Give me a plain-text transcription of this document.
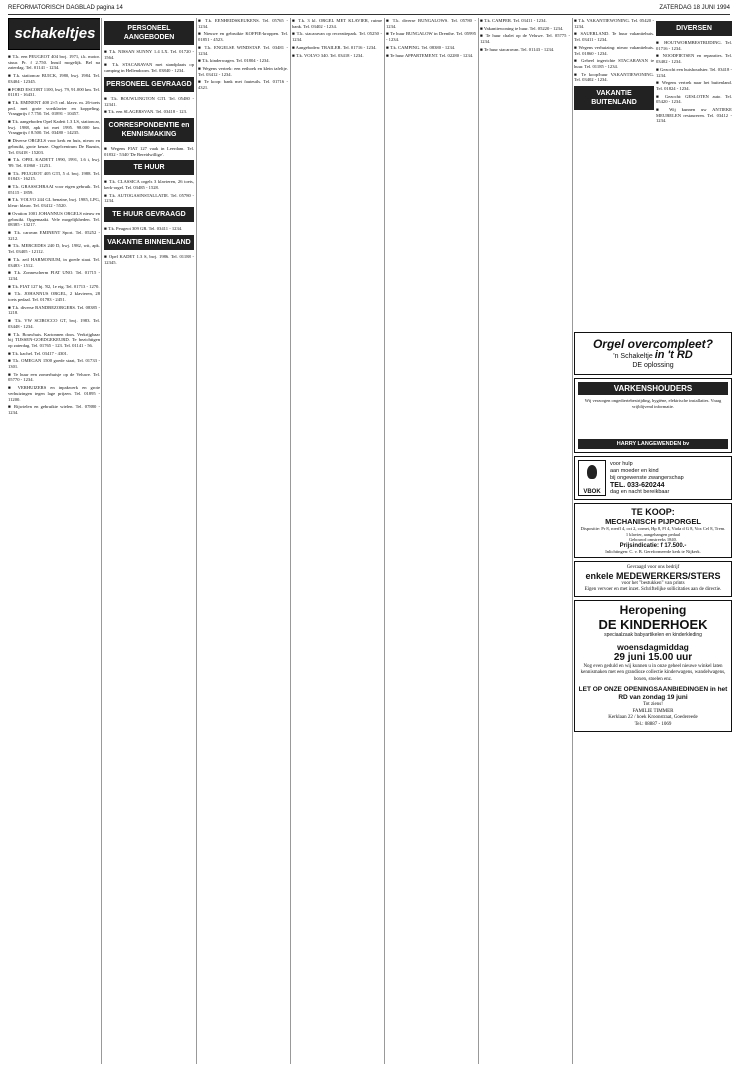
REFORMATORISCH DAGBLAD pagina 14	ZATERDAG 18 JUNI 1994
schakeltjes

■ T.k. een PEUGEOT 404 bwj. 1971, t.k. motor. stuur. Pr. f 2.750. Inruil mogelijk. Bel na zaterdag. Tel. 01141 - 1234.

■ T.k. stationcar BUICK, 1980, bwj. 1984. Tel. 03404 - 12345.

■ FORD ESCORT 1100, bwj. 79, 91.000 km. Tel. 01181 - 16431.

■ T.k. EMINENT 400 2×5 cnl. klavz. m. 26-toets ped. met grote voetklavier en koppeling. Vraagprijs f 7.750. Tel. 01891 - 10457.

■ T.k. aangeboden Opel Kadett 1.3 LS, stationcar, bwj. 1988, apk tot mei 1995. 98.000 km. Vraagprijs f 8.500. Tel. 03480 - 14235.

■ Diverse ORGELS voor kerk en huis, nieuw en gebruikt, grote keuze. Orgelcentrum De Bazuin, Tel. 03418 - 15203.

■ T.k. OPEL KADETT 1990, 1991, 1.6 i, bwj. '89. Tel. 01860 - 11251.

■ T.k. PEUGEOT 405 GTI, 5 d. bwj. 1988. Tel. 01843 - 16215.

■ T.k. GRASSCHRAAI voor eigen gebruik. Tel. 05115 - 1859.

■ T.k. VOLVO 244 GL benzine, bwj. 1985, LPG, kleur: blauw. Tel. 03412 - 5520.

■ Ovation 1001 JOHANNUS ORGELS nieuw en gebruikt. Opgemaakt. Vele mogelijkheden. Tel. 08385 - 13217.

■ T.k. caravan EMINENT Sport. Tel. 05252 - 3212.

■ T.k. MERCEDES 240 D, bwj. 1982, wit, apk. Tel. 03405 - 12112.

■ T.k. zeil HARMONIUM, in goede staat. Tel. 03483 - 1512.

■ T.k. Zonnescherm FIAT UNO. Tel. 01715 - 1234.

■ T.k. FIAT 127 bj. '82, 1e eig. Tel. 01713 - 1270.

■ T.k. JOHANNUS ORGEL, 2 klavieren, 28 toets pedaal. Tel. 01783 - 2451.

■ T.k. diverse BANDBEZORGERS. Tel. 08385 - 1218.

■ T.k. VW SCIROCCO GT, bwj. 1983. Tel. 03448 - 1234.

■ T.k. Bouwhuis. Kartonnen doos. Verkrijgbaar bij TIJSSEN-GOEDGEKEURD. Te bezichtigen op zaterdag. Tel. 01765 - 123. Tel. 01141 - 56.

■ T.k. kachel. Tel. 03417 - 4301.

■ T.k. OMEGAN 1500 goede staat, Tel. 01733 - 1301.

■ Te huur een zomerhuisje op de Veluwe. Tel. 05770 - 1234.

■ VERHUIZERS en inpakwerk en grote verhuizingen tegen lage prijzen. Tel. 01895 - 11200.

■ Rijwielen en gebruikte wielen. Tel. 07880 - 1234.

PERSONEEL AANGEBODEN

■ T.k. NISSAN SUNNY 1.4 LX. Tel. 01720 - 1564.

■ T.k. STACARAVAN met standplaats op camping in Hellendoorn. Tel. 03840 - 1234.

PERSONEEL GEVRAAGD

■ T.k. BOUWLINGTON GTI. Tel. 05480 - 12341.

■ T.k. een SLAGERSVAN. Tel. 03418 - 123.

CORRESPONDENTIE en KENNISMAKING

■ Wegens FIAT 127 vaak in Leerdam. Tel. 01832 - 5340 'De Bereidwillige'.

TE HUUR

■ T.k. CLASSICA orgels 3 klavieren, 26 toets, kerk-orgel. Tel. 03485 - 1528.

■ T.k. AUTOGASINSTALLATIE. Tel. 05780 - 1234.

TE HUUR GEVRAAGD

■ T.k. Peugeot 309 GR. Tel. 03411 - 1234.

VAKANTIE BINNENLAND

■ Opel KADET 1.3 S, bwj. 1986. Tel. 01188 - 12345.

■ T.k. EENHEIDSKEUKENS. Tel. 05765 - 1234.

■ Nieuwe en gebruikte KOFFIE-kroppen. Tel. 01851 - 4523.

■ T.k. ENGELSE WINDSTAP. Tel. 03481 - 1234.

■ T.k. kinderwagen. Tel. 01804 - 1234.

■ Wegens vertrek: een eethoek en klein tafeltje. Tel. 03412 - 1234.

■ Te koop: bank met fauteuils. Tel. 01716 - 4321.

■ T.k. 3 kl. ORGEL MET KLAVIER, ruime bank. Tel. 03402 - 1234.

■ T.k. stacaravan op recreatiepark. Tel. 05250 - 1234.

■ Aangeboden: TRAILER. Tel. 01716 - 1234.

■ T.k. VOLVO 340. Tel. 03418 - 1234.

■ T.k. diverse BUNGALOWS. Tel. 05780 - 1234.

■ Te huur BUNGALOW in Drenthe. Tel. 05995 - 1234.

■ T.k. CAMPING. Tel. 08380 - 1234.

■ Te huur APPARTEMENT. Tel. 02280 - 1234.

■ T.k. CAMPER. Tel. 03411 - 1234.

■ Vakantiewoning te huur. Tel. 05220 - 1234.

■ Te huur chalet op de Veluwe. Tel. 05775 - 1234.

■ Te huur stacaravan. Tel. 01143 - 1234.

■ T.k. VAKANTIEWONING. Tel. 05420 - 1234.

■ SAUERLAND. Te huur vakantiehuis. Tel. 03411 - 1234.

■ Wegens verhuizing: nieuw vakantiehuis. Tel. 01860 - 1234.

■ Geheel ingerichte STACARAVAN te huur. Tel. 01185 - 1234.

■ Te koop/huur VAKANTIEWONING. Tel. 03402 - 1234.

VAKANTIE BUITENLAND
DIVERSEN

■ HOUTWORMBESTRIJDING. Tel. 01716 - 1234.

■ NOODFIETSEN en reparaties. Tel. 03402 - 1234.

■ Gezocht een huishoudster. Tel. 03418 - 1234.

■ Wegens vertrek naar het buitenland. Tel. 01824 - 1234.

■ Gezocht: GESLOTEN auto. Tel. 05420 - 1234.

■ Wij kunnen uw ANTIEKE MEUBELEN restaureren. Tel. 03412 - 1234.

Orgel overcompleet?
'n Schakeltje in 't RD
DE oplossing
VARKENSHOUDERS
Wij verzorgen ongediertebestrijding, hygiëne, elektrische installaties. Vraag vrijblijvend informatie.
HARRY LANGEWENDEN bv
VBOK
voor hulp
aan moeder en kind
bij ongewenste zwangerschap
TEL. 033-620244
dag en nacht bereikbaar
TE KOOP:
MECHANISCH PIJPORGEL
Dispositie: Pr 8, roerfl 4, oct 2, cornet, Hp 8, Fl 4, Viola d G 8, Vox Cel 8, Trem.
1 klavier, aangehangen pedaal
Gebouwd omstreeks 1840.
Prijsindicatie: f 17.500.-
Inlichtingen: C. v. B. Gereformeerde kerk te Nijkerk.
Gevraagd voor ons bedrijf
enkele MEDEWERKERS/STERS
voor het "bestukken" van prints
Eigen vervoer en met inzet. Schriftelijke sollicitaties aan de directie.
Heropening
DE KINDERHOEK
speciaalzaak babyartikelen en kinderkleding
woensdagmiddag
29 juni 15.00 uur
Nog even geduld en wij kunnen u in onze geheel nieuwe winkel laten kennismaken met een grandioze collectie kinderwagens, wandelwagens, boxen, stoelen enz.
LET OP ONZE OPENINGSAANBIEDINGEN in het RD van zondag 19 juni
Tot ziens!
FAMILIE TIMMER
Kerklaan 22 / hoek Kroonstraat, Goedereede
Tel.: 08887 - 1069
